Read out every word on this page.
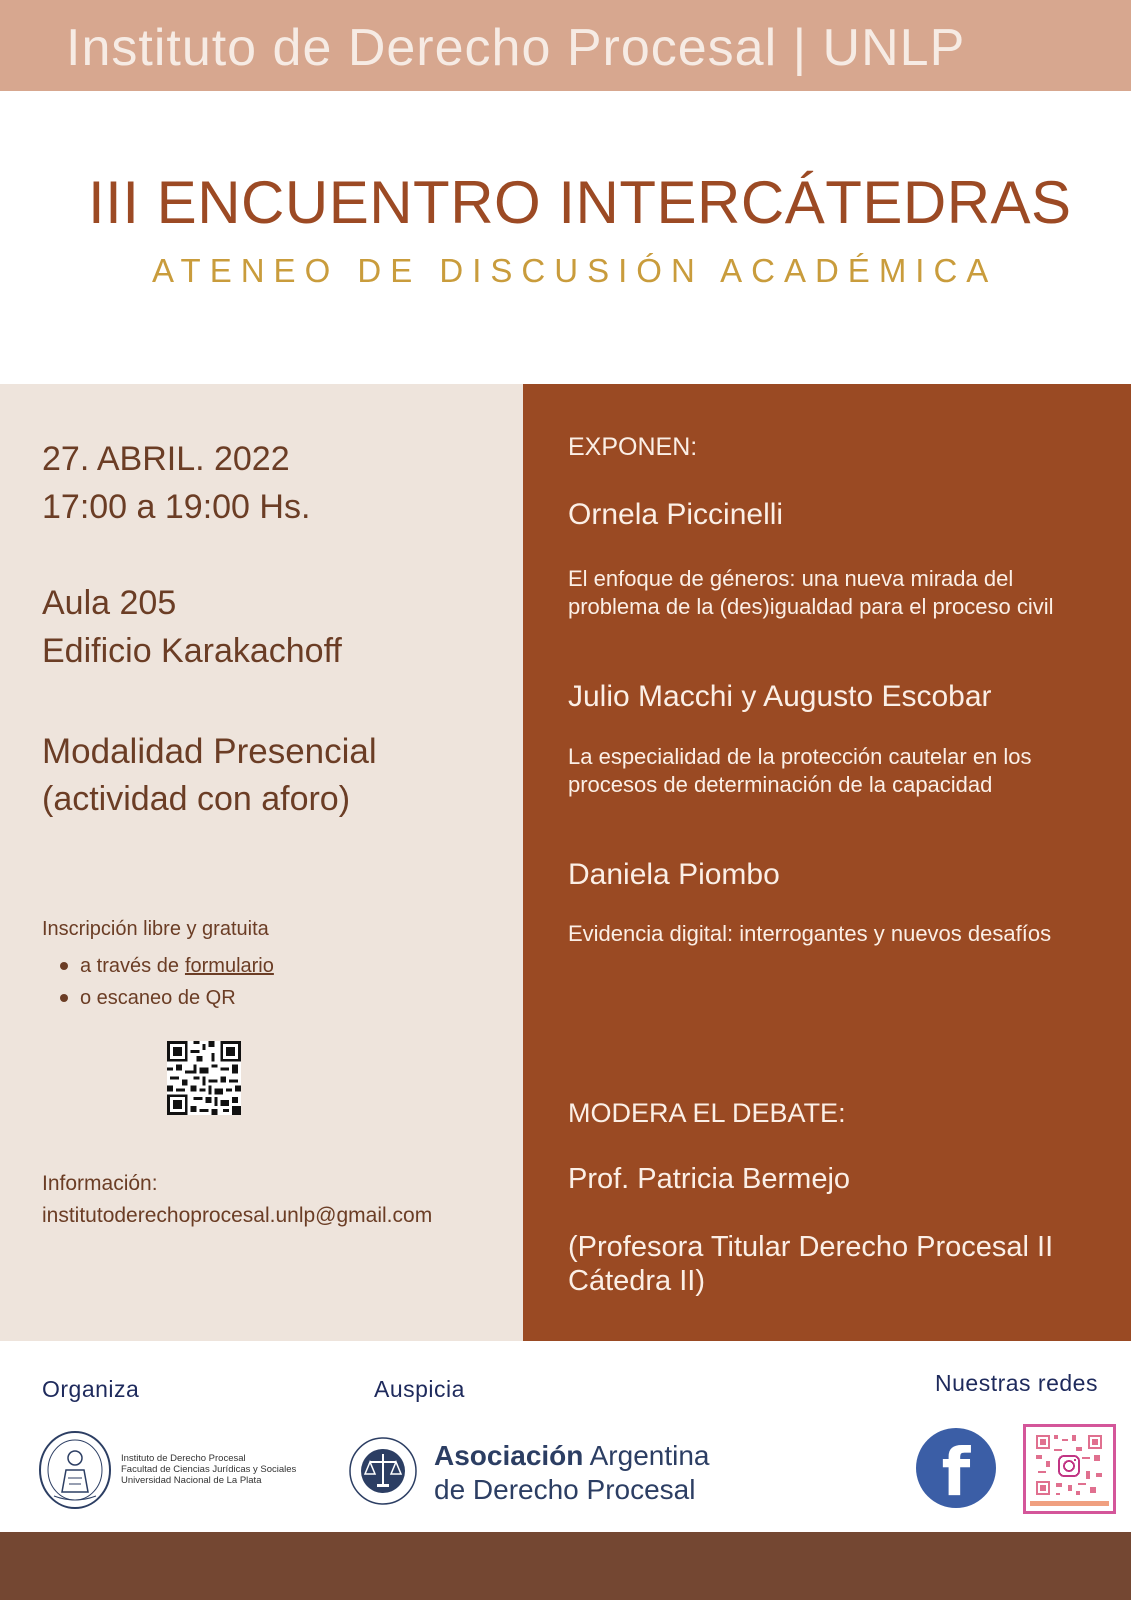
Instituto de Derecho Procesal | UNLP
III ENCUENTRO INTERCÁTEDRAS
ATENEO DE DISCUSIÓN ACADÉMICA
27. ABRIL. 2022
17:00 a 19:00 Hs.
Aula 205
Edificio Karakachoff
Modalidad Presencial
(actividad con aforo)
Inscripción libre y gratuita
a través de formulario
o escaneo de QR
Información:
institutoderechoprocesal.unlp@gmail.com
EXPONEN:
Ornela Piccinelli
El enfoque de géneros: una nueva mirada del problema de la (des)igualdad para el proceso civil
Julio Macchi y Augusto Escobar
La especialidad de la protección cautelar en los procesos de determinación de la capacidad
Daniela Piombo
Evidencia digital: interrogantes y nuevos desafíos
MODERA EL DEBATE:
Prof. Patricia Bermejo
(Profesora Titular Derecho Procesal II Cátedra II)
Organiza	Auspicia	Nuestras redes
Instituto de Derecho Procesal
Facultad de Ciencias Jurídicas y Sociales
Universidad Nacional de La Plata
Asociación Argentina
de Derecho Procesal	f
